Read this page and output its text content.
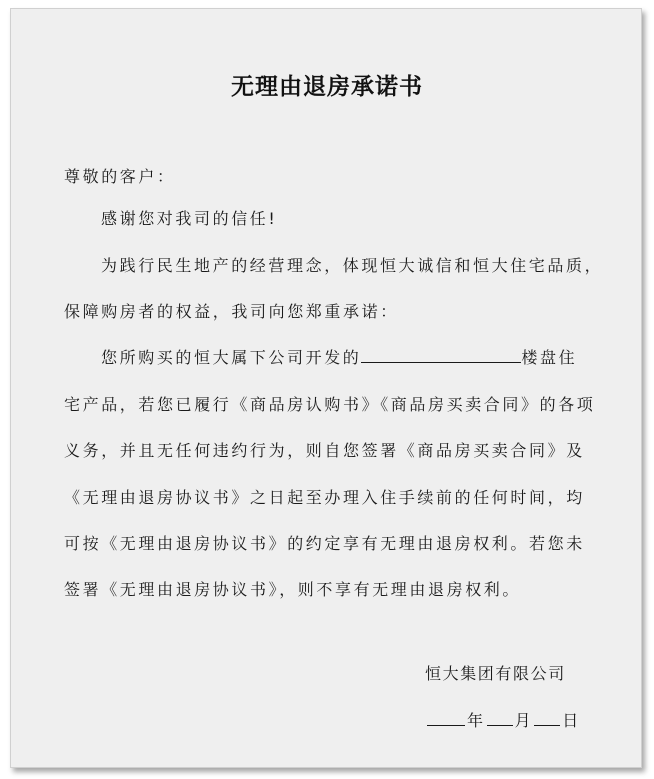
无理由退房承诺书
尊敬的客户：
感谢您对我司的信任!
为践行民生地产的经营理念，体现恒大诚信和恒大住宅品质，
保障购房者的权益，我司向您郑重承诺：
您所购买的恒大属下公司开发的	楼盘住
宅产品，若您已履行《商品房认购书》《商品房买卖合同》的各项
义务，并且无任何违约行为，则自您签署《商品房买卖合同》及
《无理由退房协议书》之日起至办理入住手续前的任何时间，均
可按《无理由退房协议书》的约定享有无理由退房权利。若您未
签署《无理由退房协议书》，则不享有无理由退房权利。
恒大集团有限公司
年 月 日
